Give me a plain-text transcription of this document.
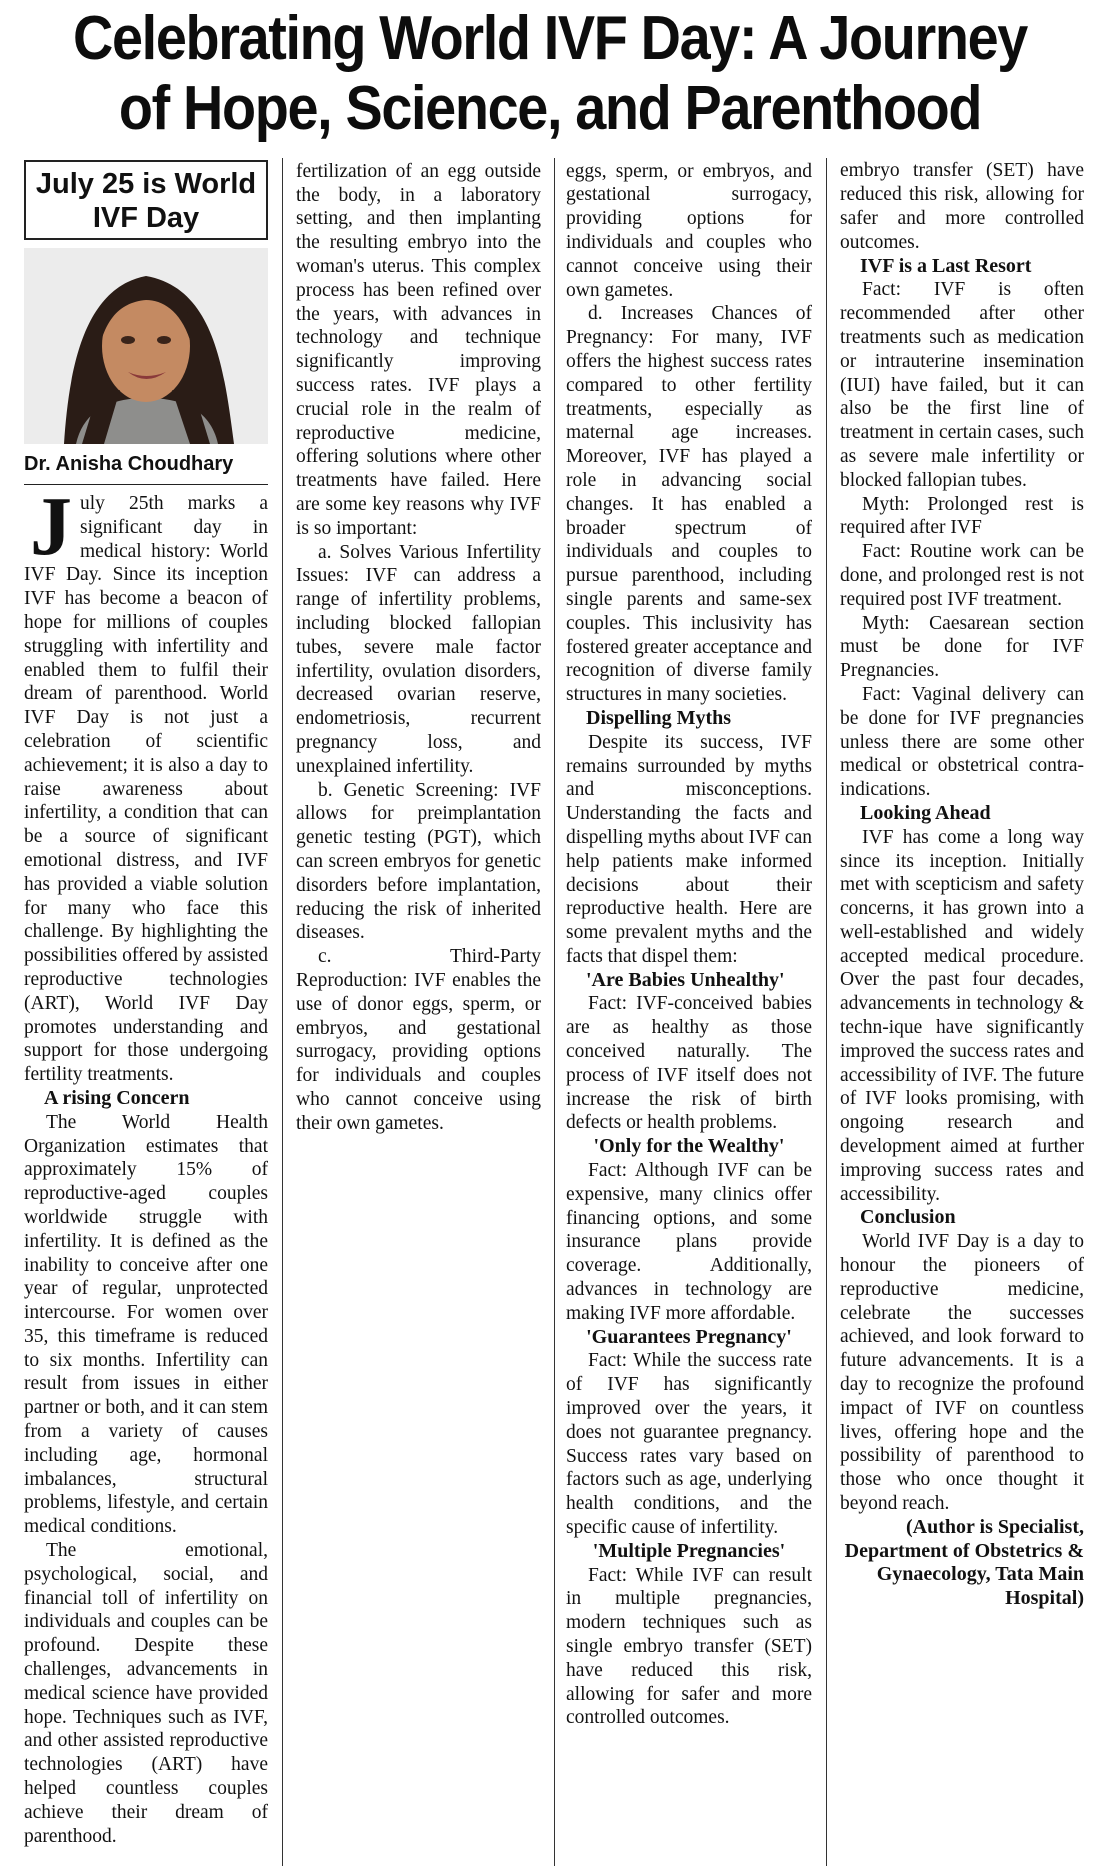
Celebrating World IVF Day: A Journey of Hope, Science, and Parenthood
July 25 is World IVF Day
Dr. Anisha Choudhary

July 25th marks a significant day in medical history: World IVF Day. Since its inception IVF has become a beacon of hope for millions of couples struggling with infertility and enabled them to fulfil their dream of parenthood. World IVF Day is not just a celebration of scientific achievement; it is also a day to raise awareness about infertility, a condition that can be a source of significant emotional distress, and IVF has provided a viable solution for many who face this challenge. By highlighting the possibilities offered by assisted reproductive technologies (ART), World IVF Day promotes understanding and support for those undergoing fertility treatments.

A rising Concern

The World Health Organization estimates that approximately 15% of reproductive-aged couples worldwide struggle with infertility. It is defined as the inability to conceive after one year of regular, unprotected intercourse. For women over 35, this timeframe is reduced to six months. Infertility can result from issues in either partner or both, and it can stem from a variety of causes including age, hormonal imbalances, structural problems, lifestyle, and certain medical conditions.

The emotional, psychological, social, and financial toll of infertility on individuals and couples can be profound. Despite these challenges, advancements in medical science have provided hope. Techniques such as IVF, and other assisted reproductive technologies (ART) have helped countless couples achieve their dream of parenthood.

fertilization of an egg outside the body, in a laboratory setting, and then implanting the resulting embryo into the woman's uterus. This complex process has been refined over the years, with advances in technology and technique significantly improving success rates. IVF plays a crucial role in the realm of reproductive medicine, offering solutions where other treatments have failed. Here are some key reasons why IVF is so important:

a. Solves Various Infertility Issues: IVF can address a range of infertility problems, including blocked fallopian tubes, severe male factor infertility, ovulation disorders, decreased ovarian reserve, endometriosis, recurrent pregnancy loss, and unexplained infertility.

b. Genetic Screening: IVF allows for preimplantation genetic testing (PGT), which can screen embryos for genetic disorders before implantation, reducing the risk of inherited diseases.

c. Third-Party Reproduction: IVF enables the use of donor eggs, sperm, or embryos, and gestational surrogacy, providing options for individuals and couples who cannot conceive using their own gametes.

eggs, sperm, or embryos, and gestational surrogacy, providing options for individuals and couples who cannot conceive using their own gametes.

d. Increases Chances of Pregnancy: For many, IVF offers the highest success rates compared to other fertility treatments, especially as maternal age increases. Moreover, IVF has played a role in advancing social changes. It has enabled a broader spectrum of individuals and couples to pursue parenthood, including single parents and same-sex couples. This inclusivity has fostered greater acceptance and recognition of diverse family structures in many societies.

Dispelling Myths

Despite its success, IVF remains surrounded by myths and misconceptions. Understanding the facts and dispelling myths about IVF can help patients make informed decisions about their reproductive health. Here are some prevalent myths and the facts that dispel them:

'Are Babies Unhealthy'

Fact: IVF-conceived babies are as healthy as those conceived naturally. The process of IVF itself does not increase the risk of birth defects or health problems.

'Only for the Wealthy'

Fact: Although IVF can be expensive, many clinics offer financing options, and some insurance plans provide coverage. Additionally, advances in technology are making IVF more affordable.

'Guarantees Pregnancy'

Fact: While the success rate of IVF has significantly improved over the years, it does not guarantee pregnancy. Success rates vary based on factors such as age, underlying health conditions, and the specific cause of infertility.

'Multiple Pregnancies'

Fact: While IVF can result in multiple pregnancies, modern techniques such as single embryo transfer (SET) have reduced this risk, allowing for safer and more controlled outcomes.

embryo transfer (SET) have reduced this risk, allowing for safer and more controlled outcomes.

IVF is a Last Resort

Fact: IVF is often recommended after other treatments such as medication or intrauterine insemination (IUI) have failed, but it can also be the first line of treatment in certain cases, such as severe male infertility or blocked fallopian tubes.

Myth: Prolonged rest is required after IVF

Fact: Routine work can be done, and prolonged rest is not required post IVF treatment.

Myth: Caesarean section must be done for IVF Pregnancies.

Fact: Vaginal delivery can be done for IVF pregnancies unless there are some other medical or obstetrical contra-indications.

Looking Ahead

IVF has come a long way since its inception. Initially met with scepticism and safety concerns, it has grown into a well-established and widely accepted medical procedure. Over the past four decades, advancements in technology & techn-ique have significantly improved the success rates and accessibility of IVF. The future of IVF looks promising, with ongoing research and development aimed at further improving success rates and accessibility.

Conclusion

World IVF Day is a day to honour the pioneers of reproductive medicine, celebrate the successes achieved, and look forward to future advancements. It is a day to recognize the profound impact of IVF on countless lives, offering hope and the possibility of parenthood to those who once thought it beyond reach.

(Author is Specialist, Department of Obstetrics & Gynaecology, Tata Main Hospital)
